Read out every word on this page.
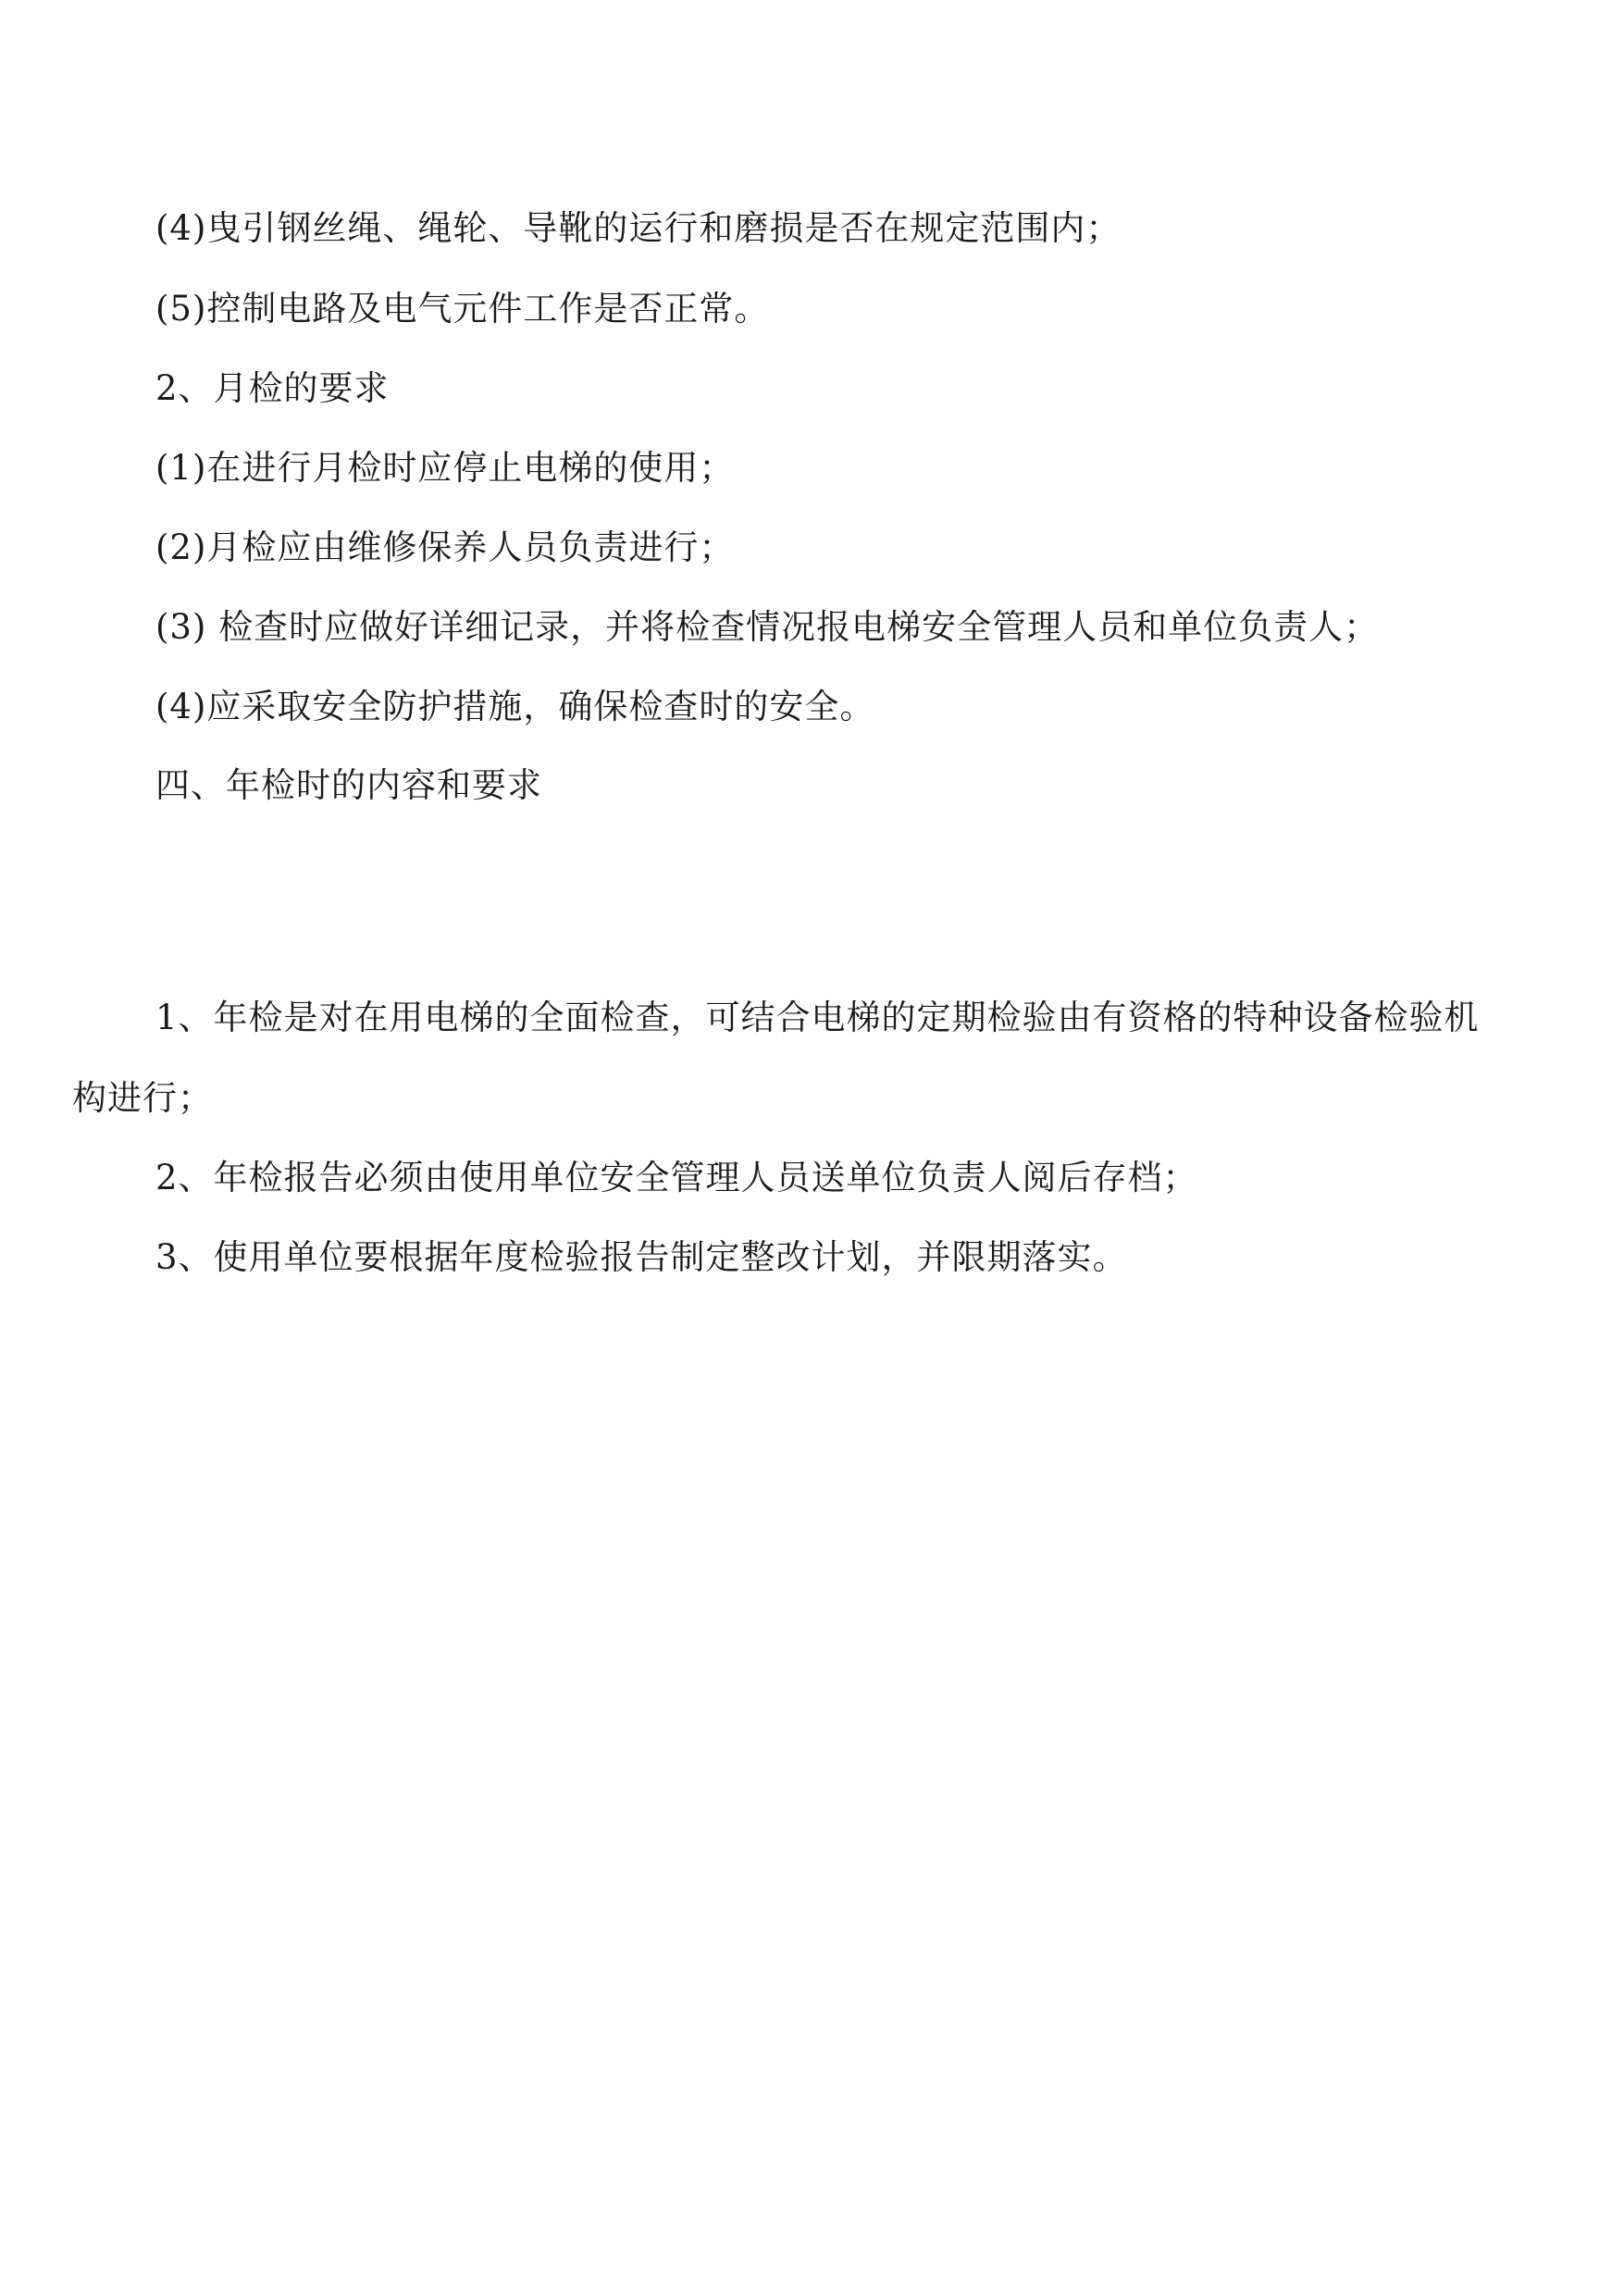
(4)曳引钢丝绳、绳轮、导靴的运行和磨损是否在规定范围内；
(5)控制电路及电气元件工作是否正常。
2、月检的要求
(1)在进行月检时应停止电梯的使用；
(2)月检应由维修保养人员负责进行；
(3) 检查时应做好详细记录，并将检查情况报电梯安全管理人员和单位负责人；
(4)应采取安全防护措施，确保检查时的安全。
四、年检时的内容和要求
1、年检是对在用电梯的全面检查，可结合电梯的定期检验由有资格的特种设备检验机
构进行；
2、年检报告必须由使用单位安全管理人员送单位负责人阅后存档；
3、使用单位要根据年度检验报告制定整改计划，并限期落实。
